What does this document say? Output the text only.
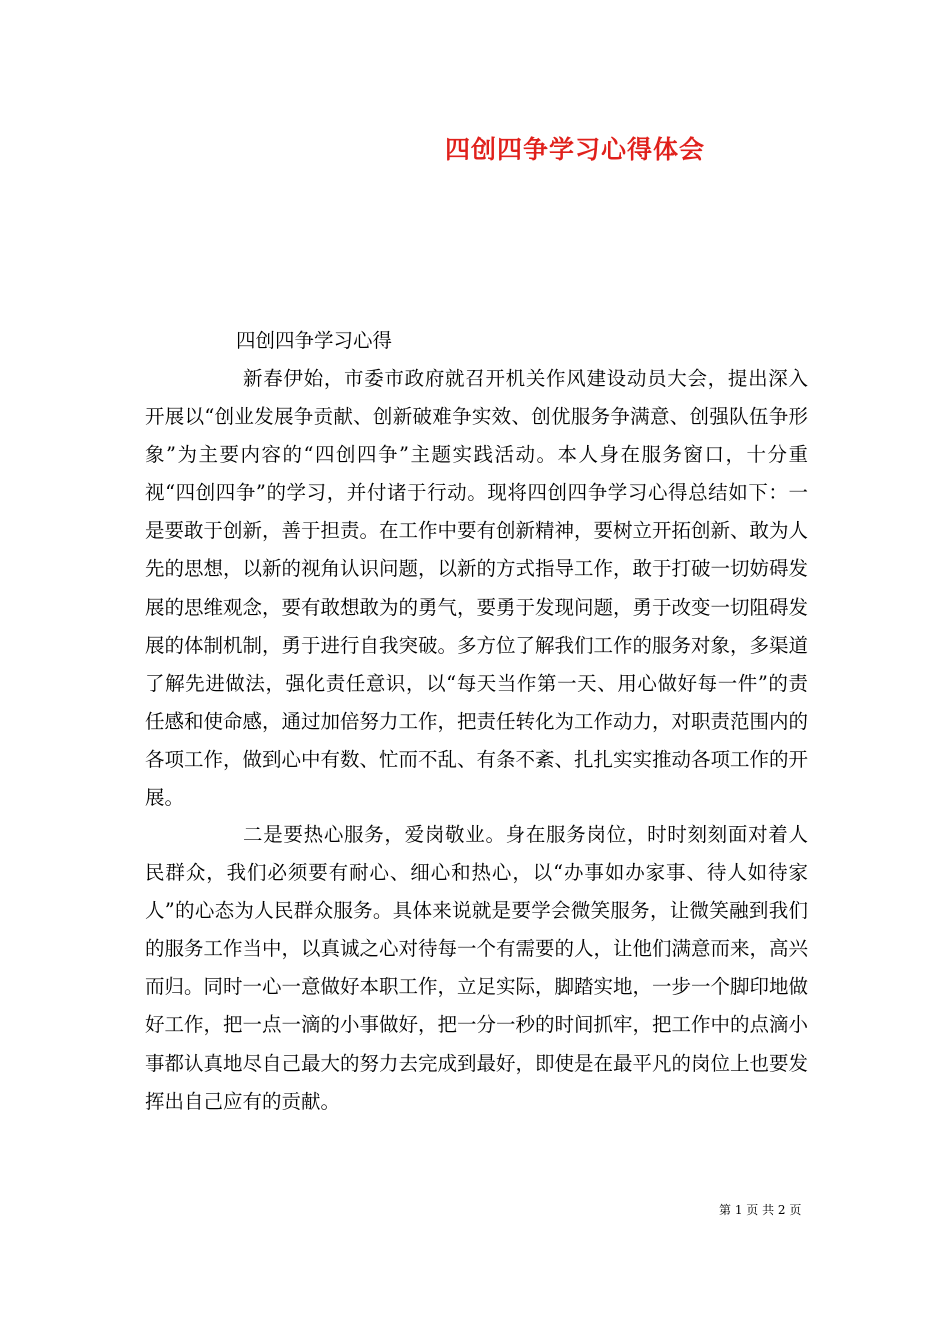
四创四争学习心得体会
四创四争学习心得

新春伊始，市委市政府就召开机关作风建设动员大会，提出深入开展以“创业发展争贡献、创新破难争实效、创优服务争满意、创强队伍争形象”为主要内容的“四创四争”主题实践活动。本人身在服务窗口，十分重视“四创四争”的学习，并付诸于行动。现将四创四争学习心得总结如下：一是要敢于创新，善于担责。在工作中要有创新精神，要树立开拓创新、敢为人先的思想，以新的视角认识问题，以新的方式指导工作，敢于打破一切妨碍发展的思维观念，要有敢想敢为的勇气，要勇于发现问题，勇于改变一切阻碍发展的体制机制，勇于进行自我突破。多方位了解我们工作的服务对象，多渠道了解先进做法，强化责任意识，以“每天当作第一天、用心做好每一件”的责任感和使命感，通过加倍努力工作，把责任转化为工作动力，对职责范围内的各项工作，做到心中有数、忙而不乱、有条不紊、扎扎实实推动各项工作的开展。

二是要热心服务，爱岗敬业。身在服务岗位，时时刻刻面对着人民群众，我们必须要有耐心、细心和热心，以“办事如办家事、待人如待家人”的心态为人民群众服务。具体来说就是要学会微笑服务，让微笑融到我们的服务工作当中，以真诚之心对待每一个有需要的人，让他们满意而来，高兴而归。同时一心一意做好本职工作，立足实际，脚踏实地，一步一个脚印地做好工作，把一点一滴的小事做好，把一分一秒的时间抓牢，把工作中的点滴小事都认真地尽自己最大的努力去完成到最好，即使是在最平凡的岗位上也要发挥出自己应有的贡献。

第 1 页 共 2 页
